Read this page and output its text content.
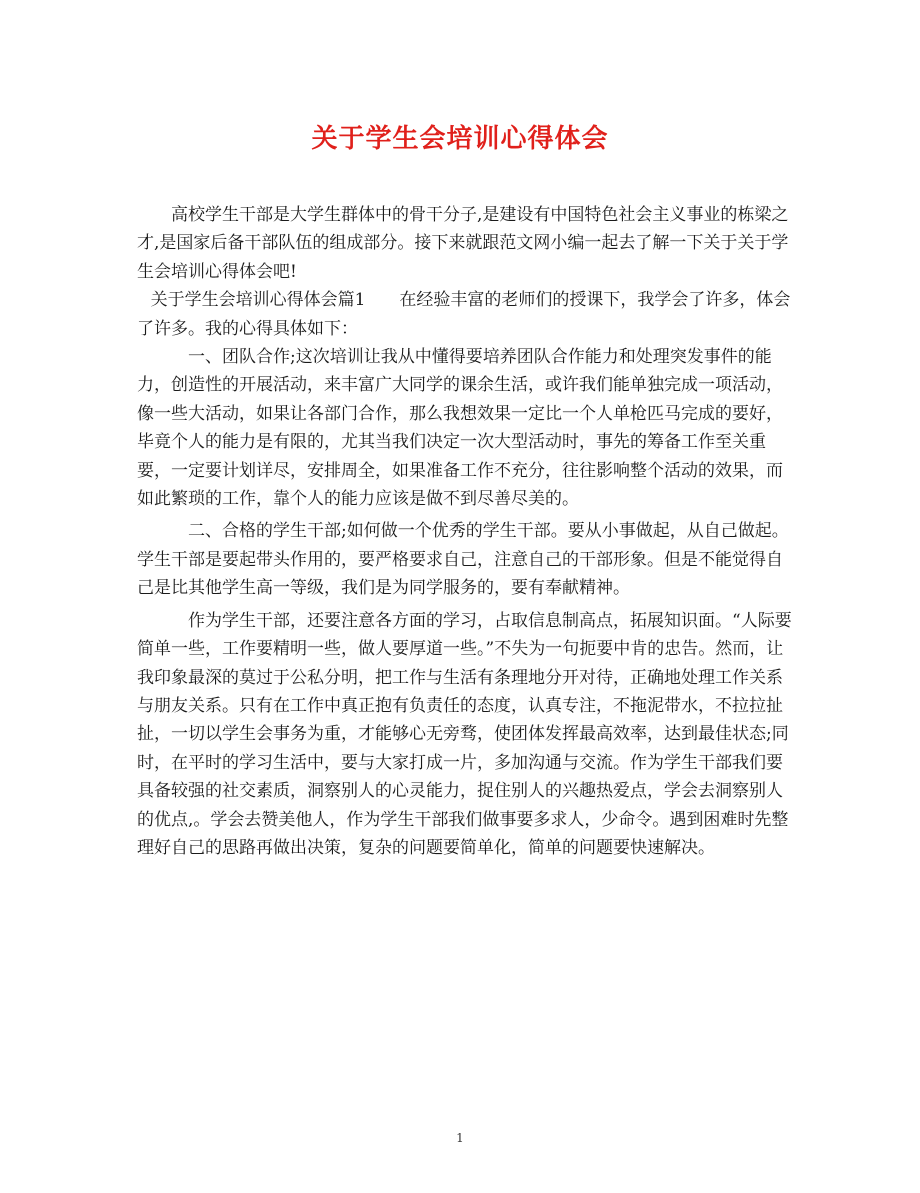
关于学生会培训心得体会

高校学生干部是大学生群体中的骨干分子,是建设有中国特色社会主义事业的栋梁之才,是国家后备干部队伍的组成部分。接下来就跟范文网小编一起去了解一下关于关于学生会培训心得体会吧!

关于学生会培训心得体会篇1　　在经验丰富的老师们的授课下，我学会了许多，体会了许多。我的心得具体如下：

一、团队合作;这次培训让我从中懂得要培养团队合作能力和处理突发事件的能力，创造性的开展活动，来丰富广大同学的课余生活，或许我们能单独完成一项活动，像一些大活动，如果让各部门合作，那么我想效果一定比一个人单枪匹马完成的要好，毕竟个人的能力是有限的，尤其当我们决定一次大型活动时，事先的筹备工作至关重要，一定要计划详尽，安排周全，如果准备工作不充分，往往影响整个活动的效果，而如此繁琐的工作，靠个人的能力应该是做不到尽善尽美的。

二、合格的学生干部;如何做一个优秀的学生干部。要从小事做起，从自己做起。学生干部是要起带头作用的，要严格要求自己，注意自己的干部形象。但是不能觉得自己是比其他学生高一等级，我们是为同学服务的，要有奉献精神。

作为学生干部，还要注意各方面的学习，占取信息制高点，拓展知识面。“人际要简单一些，工作要精明一些，做人要厚道一些。”不失为一句扼要中肯的忠告。然而，让我印象最深的莫过于公私分明，把工作与生活有条理地分开对待，正确地处理工作关系与朋友关系。只有在工作中真正抱有负责任的态度，认真专注，不拖泥带水，不拉拉扯扯，一切以学生会事务为重，才能够心无旁骛，使团体发挥最高效率，达到最佳状态;同时，在平时的学习生活中，要与大家打成一片，多加沟通与交流。作为学生干部我们要具备较强的社交素质，洞察别人的心灵能力，捉住别人的兴趣热爱点，学会去洞察别人的优点,。学会去赞美他人，作为学生干部我们做事要多求人，少命令。遇到困难时先整理好自己的思路再做出决策，复杂的问题要简单化，简单的问题要快速解决。

1
